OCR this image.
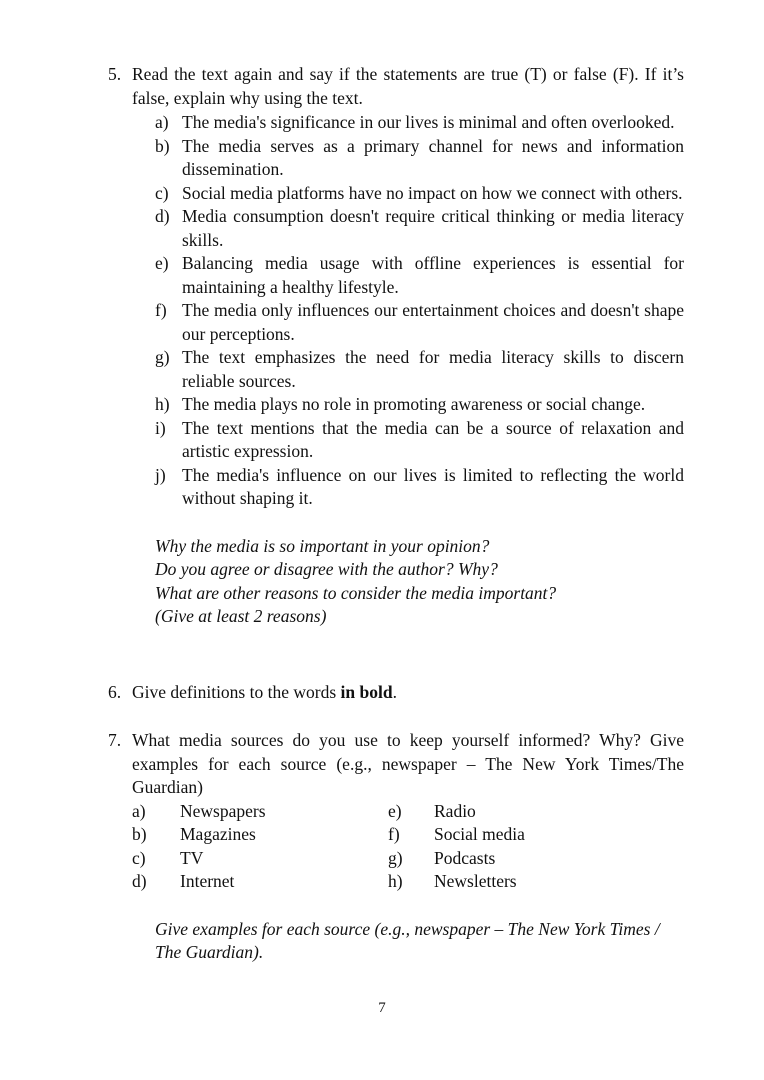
5. Read the text again and say if the statements are true (T) or false (F). If it’s false, explain why using the text.
a) The media's significance in our lives is minimal and often overlooked.
b) The media serves as a primary channel for news and information dissemination.
c) Social media platforms have no impact on how we connect with others.
d) Media consumption doesn't require critical thinking or media literacy skills.
e) Balancing media usage with offline experiences is essential for maintaining a healthy lifestyle.
f) The media only influences our entertainment choices and doesn't shape our perceptions.
g) The text emphasizes the need for media literacy skills to discern reliable sources.
h) The media plays no role in promoting awareness or social change.
i) The text mentions that the media can be a source of relaxation and artistic expression.
j) The media's influence on our lives is limited to reflecting the world without shaping it.
Why the media is so important in your opinion?
Do you agree or disagree with the author? Why?
What are other reasons to consider the media important?
(Give at least 2 reasons)
6. Give definitions to the words in bold.
7. What media sources do you use to keep yourself informed? Why? Give examples for each source (e.g., newspaper – The New York Times/The Guardian)
a) Newspapers
b) Magazines
c) TV
d) Internet
e) Radio
f) Social media
g) Podcasts
h) Newsletters
Give examples for each source (e.g., newspaper – The New York Times /
The Guardian).
7
